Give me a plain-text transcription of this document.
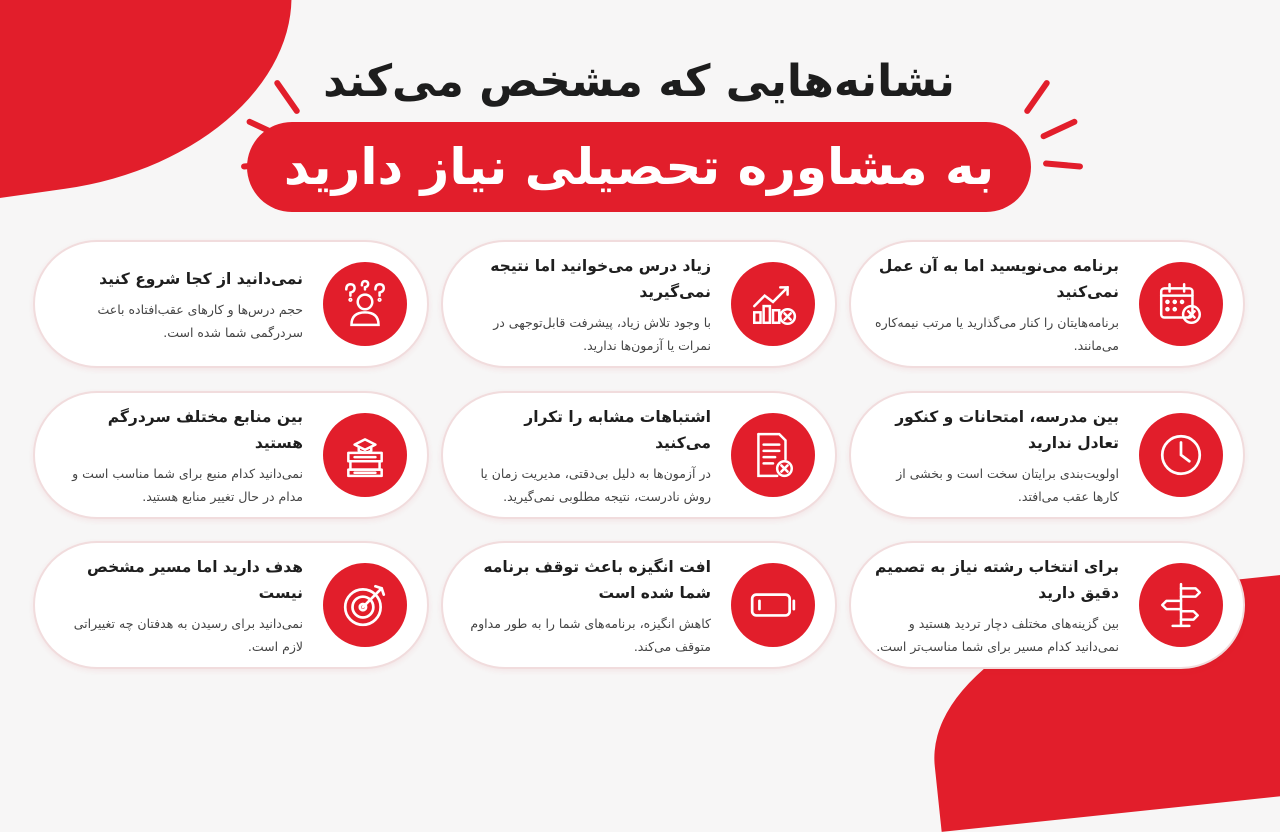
نشانه‌هایی که مشخص می‌کند
به مشاوره تحصیلی نیاز دارید
برنامه می‌نویسید اما به آن عمل نمی‌کنید
برنامه‌هایتان را کنار می‌گذارید یا مرتب نیمه‌کاره می‌مانند.
زیاد درس می‌خوانید اما نتیجه نمی‌گیرید
با وجود تلاش زیاد، پیشرفت قابل‌توجهی در نمرات یا آزمون‌ها ندارید.
نمی‌دانید از کجا شروع کنید
حجم درس‌ها و کارهای عقب‌افتاده باعث سردرگمی شما شده است.
بین مدرسه، امتحانات و کنکور تعادل ندارید
اولویت‌بندی برایتان سخت است و بخشی از کارها عقب می‌افتد.
اشتباهات مشابه را تکرار می‌کنید
در آزمون‌ها به دلیل بی‌دقتی، مدیریت زمان یا روش نادرست، نتیجه مطلوبی نمی‌گیرید.
بین منابع مختلف سردرگم هستید
نمی‌دانید کدام منبع برای شما مناسب است و مدام در حال تغییر منابع هستید.
برای انتخاب رشته نیاز به تصمیم دقیق دارید
بین گزینه‌های مختلف دچار تردید هستید و نمی‌دانید کدام مسیر برای شما مناسب‌تر است.
افت انگیزه باعث توقف برنامه شما شده است
کاهش انگیزه، برنامه‌های شما را به طور مداوم متوقف می‌کند.
هدف دارید اما مسیر مشخص نیست
نمی‌دانید برای رسیدن به هدفتان چه تغییراتی لازم است.
